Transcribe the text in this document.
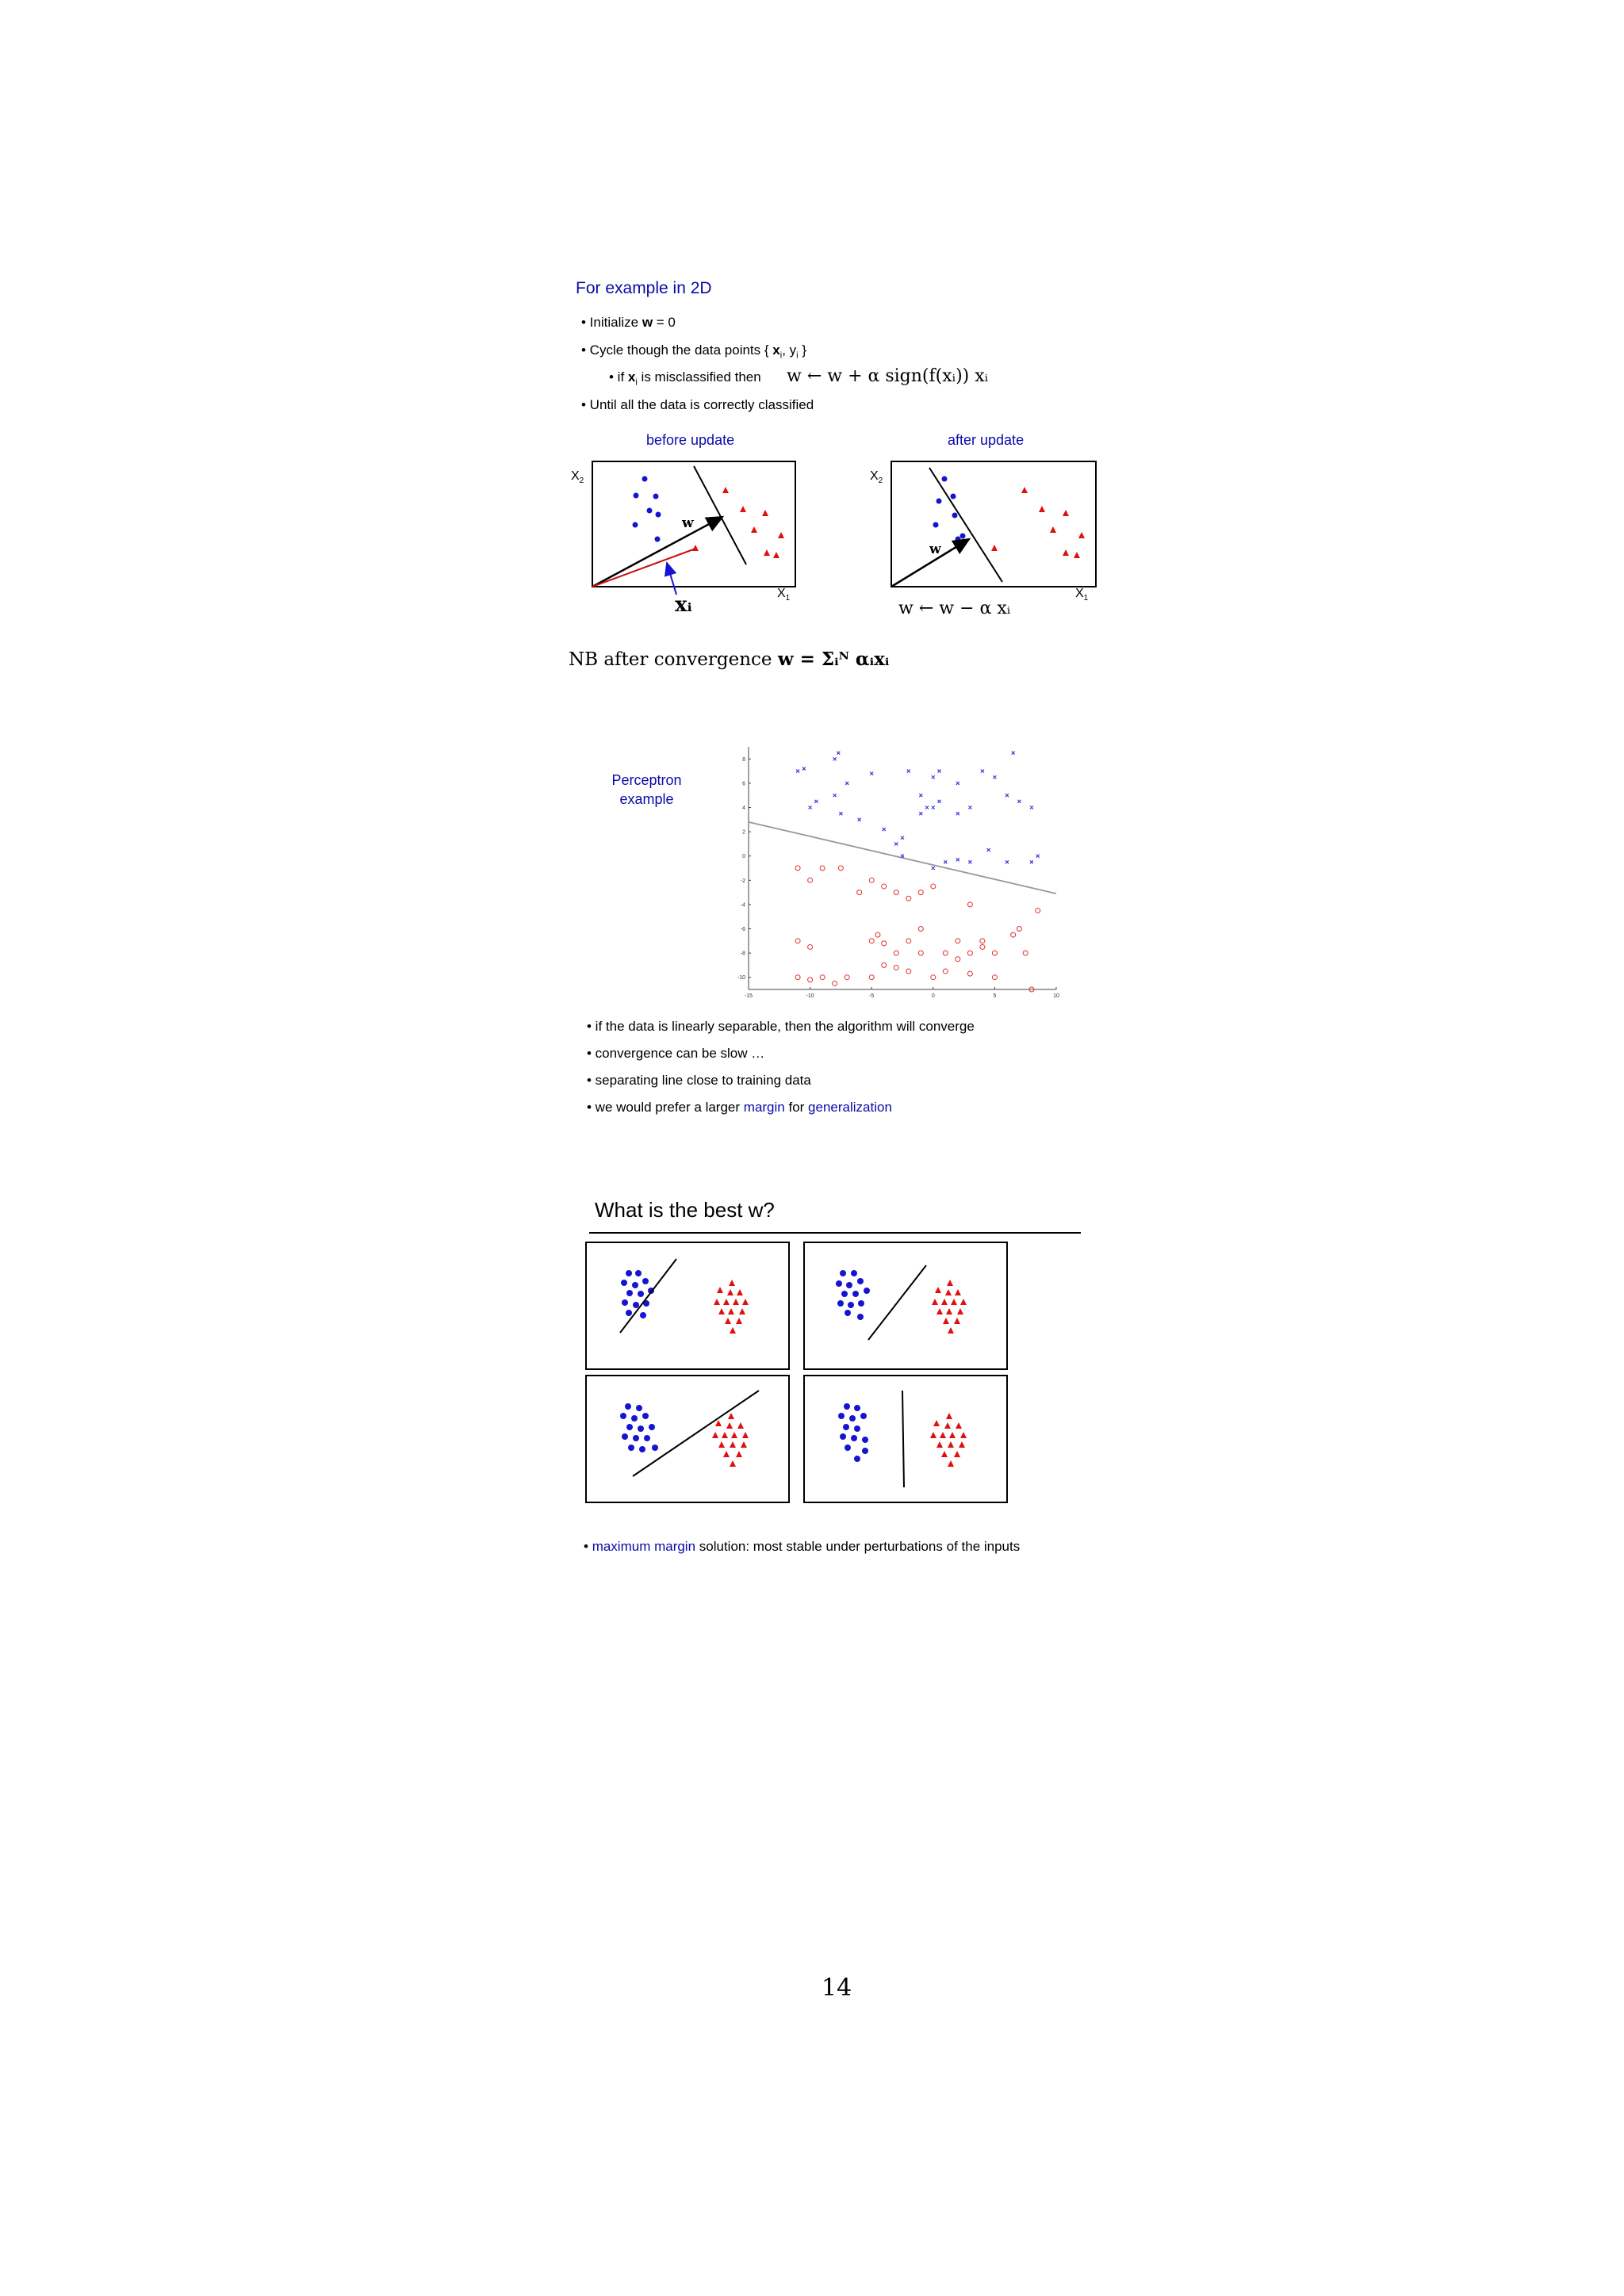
For example in 2D
• Initialize w = 0
• Cycle though the data points { $x_i$, $y_i$ }
• if $x_i$ is misclassified then w ← w + α sign(f(xᵢ)) xᵢ
• Until all the data is correctly classified
before update	after update
$X_2$
$X_1$
w
xᵢ
$X_2$
$X_1$
w
w ← w − α xᵢ
NB after convergence w = Σᵢᴺ αᵢxᵢ
Perceptron
example
-15	-10	-5	0	5	10
8
6
4
2
0
-2
-4
-6
-8
-10
• if the data is linearly separable, then the algorithm will converge
• convergence can be slow …
• separating line close to training data
• we would prefer a larger margin for generalization
What is the best w?
• maximum margin solution: most stable under perturbations of the inputs
14
